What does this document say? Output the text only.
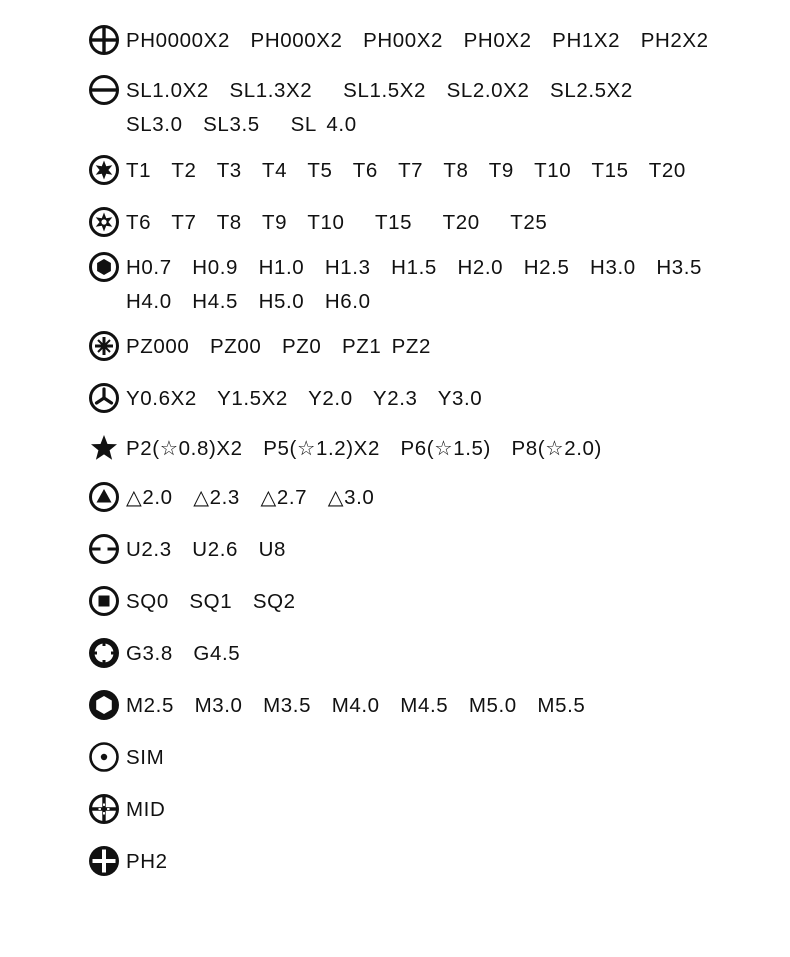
PH0000X2  PH000X2  PH00X2  PH0X2  PH1X2  PH2X2
SL1.0X2  SL1.3X2   SL1.5X2  SL2.0X2  SL2.5X2
SL3.0  SL3.5   SL 4.0
T1  T2  T3  T4  T5  T6  T7  T8  T9  T10  T15  T20
T6  T7  T8  T9  T10   T15   T20   T25
H0.7  H0.9  H1.0  H1.3  H1.5  H2.0  H2.5  H3.0  H3.5
H4.0  H4.5  H5.0  H6.0
PZ000  PZ00  PZ0  PZ1 PZ2
Y0.6X2  Y1.5X2  Y2.0  Y2.3  Y3.0
P2(☆0.8)X2  P5(☆1.2)X2  P6(☆1.5)  P8(☆2.0)
△2.0  △2.3  △2.7  △3.0
U2.3  U2.6  U8
SQ0  SQ1  SQ2
G3.8  G4.5
M2.5  M3.0  M3.5  M4.0  M4.5  M5.0  M5.5
SIM
MID
PH2
